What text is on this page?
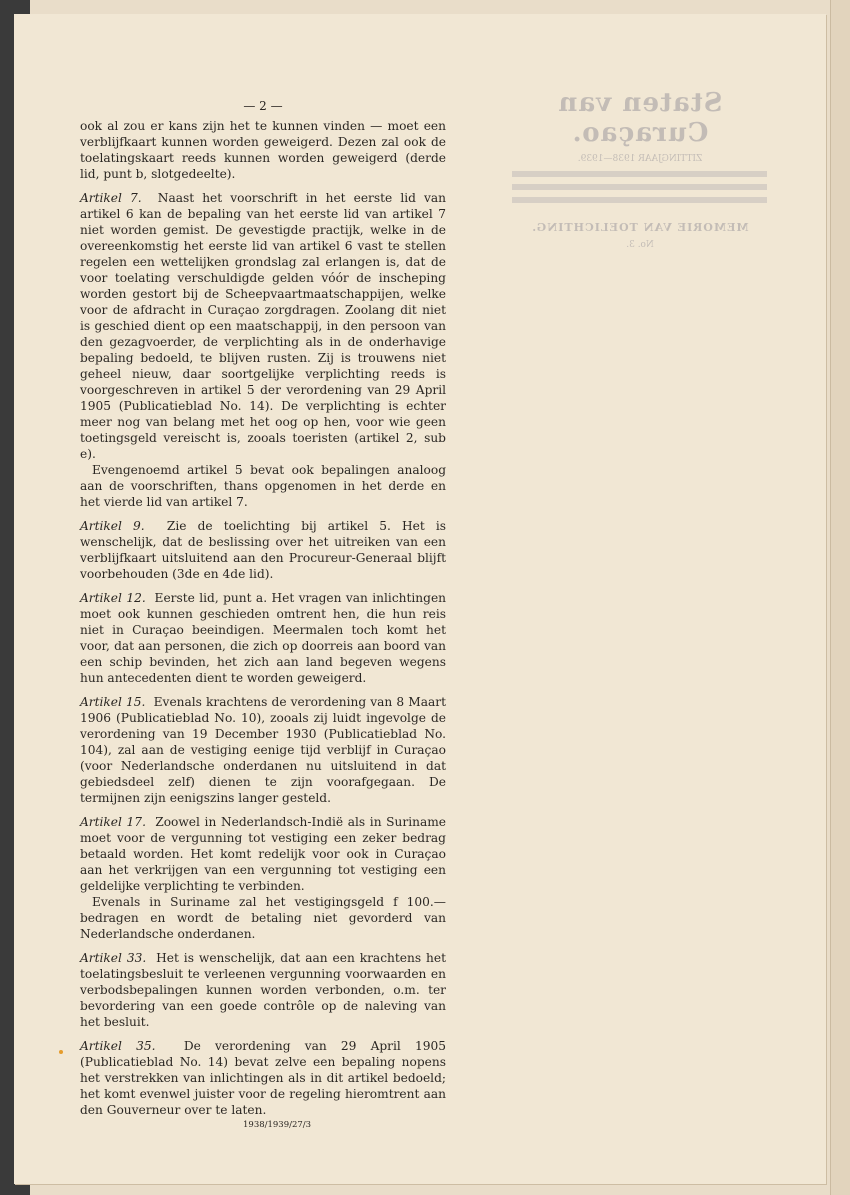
Staten van Curaçao.
ZITTINGJAAR 1938—1939.
MEMORIE VAN TOELICHTING.
No. 3.
— 2 —

ook al zou er kans zijn het te kunnen vinden — moet een verblijfkaart kunnen worden geweigerd. Dezen zal ook de toelatingskaart reeds kunnen worden geweigerd (derde lid, punt b, slotgedeelte).

Artikel 7. Naast het voorschrift in het eerste lid van artikel 6 kan de bepaling van het eerste lid van artikel 7 niet worden gemist. De gevestigde practijk, welke in de overeenkomstig het eerste lid van artikel 6 vast te stellen regelen een wettelijken grondslag zal erlangen is, dat de voor toelating verschuldigde gelden vóór de inscheping worden gestort bij de Scheepvaartmaatschappijen, welke voor de afdracht in Curaçao zorgdragen. Zoolang dit niet is geschied dient op een maatschappij, in den persoon van den gezagvoerder, de verplichting als in de onderhavige bepaling bedoeld, te blijven rusten. Zij is trouwens niet geheel nieuw, daar soortgelijke verplichting reeds is voorgeschreven in artikel 5 der verordening van 29 April 1905 (Publicatieblad No. 14). De verplichting is echter meer nog van belang met het oog op hen, voor wie geen toetingsgeld vereischt is, zooals toeristen (artikel 2, sub e).

Evengenoemd artikel 5 bevat ook bepalingen analoog aan de voorschriften, thans opgenomen in het derde en het vierde lid van artikel 7.

Artikel 9. Zie de toelichting bij artikel 5. Het is wenschelijk, dat de beslissing over het uitreiken van een verblijfkaart uitsluitend aan den Procureur-Generaal blijft voorbehouden (3de en 4de lid).

Artikel 12. Eerste lid, punt a. Het vragen van inlichtingen moet ook kunnen geschieden omtrent hen, die hun reis niet in Curaçao beeindigen. Meermalen toch komt het voor, dat aan personen, die zich op doorreis aan boord van een schip bevinden, het zich aan land begeven wegens hun antecedenten dient te worden geweigerd.

Artikel 15. Evenals krachtens de verordening van 8 Maart 1906 (Publicatieblad No. 10), zooals zij luidt ingevolge de verordening van 19 December 1930 (Publicatieblad No. 104), zal aan de vestiging eenige tijd verblijf in Curaçao (voor Nederlandsche onderdanen nu uitsluitend in dat gebiedsdeel zelf) dienen te zijn voorafgegaan. De termijnen zijn eenigszins langer gesteld.

Artikel 17. Zoowel in Nederlandsch-Indië als in Suriname moet voor de vergunning tot vestiging een zeker bedrag betaald worden. Het komt redelijk voor ook in Curaçao aan het verkrijgen van een vergunning tot vestiging een geldelijke verplichting te verbinden.

Evenals in Suriname zal het vestigingsgeld f 100.— bedragen en wordt de betaling niet gevorderd van Nederlandsche onderdanen.

Artikel 33. Het is wenschelijk, dat aan een krachtens het toelatingsbesluit te verleenen vergunning voorwaarden en verbodsbepalingen kunnen worden verbonden, o.m. ter bevordering van een goede contrôle op de naleving van het besluit.

Artikel 35. De verordening van 29 April 1905 (Publicatieblad No. 14) bevat zelve een bepaling nopens het verstrekken van inlichtingen als in dit artikel bedoeld; het komt evenwel juister voor de regeling hieromtrent aan den Gouverneur over te laten.

1938/1939/27/3
